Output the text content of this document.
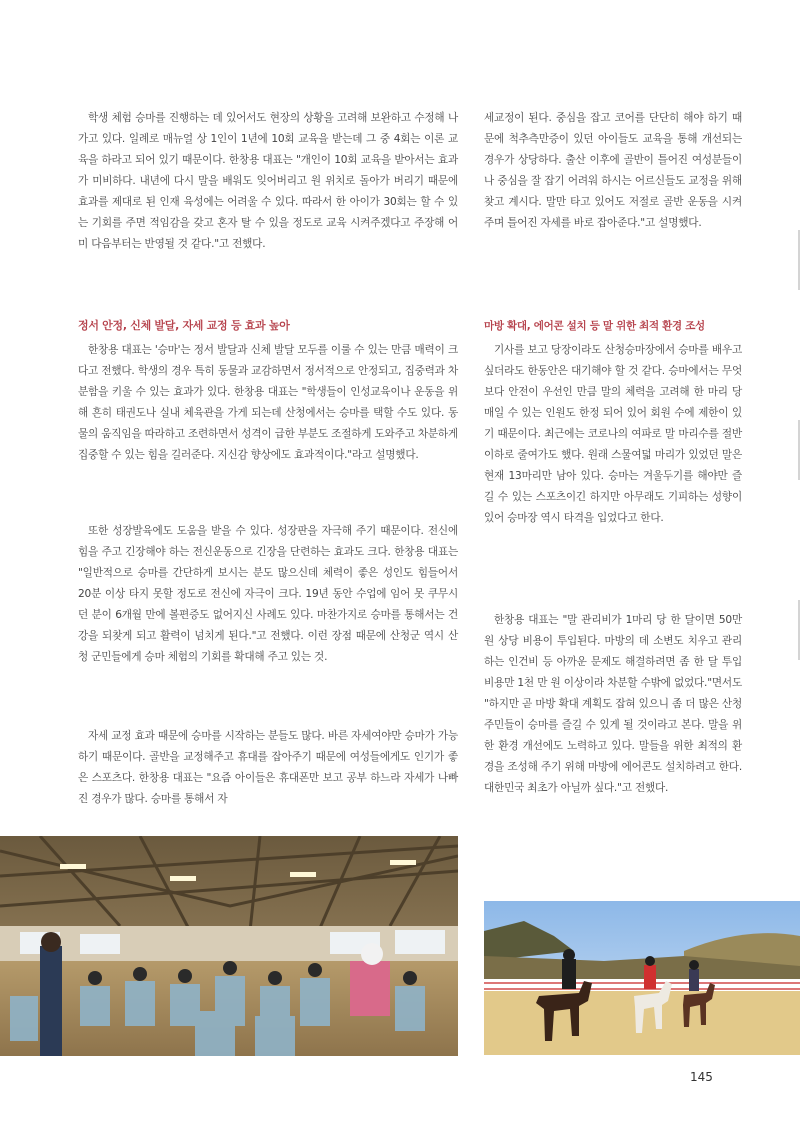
학생 체험 승마를 진행하는 데 있어서도 현장의 상황을 고려해 보완하고 수정해 나가고 있다. 일례로 매뉴얼 상 1인이 1년에 10회 교육을 받는데 그 중 4회는 이론 교육을 하라고 되어 있기 때문이다. 한창용 대표는 "개인이 10회 교육을 받아서는 효과가 미비하다. 내년에 다시 말을 배워도 잊어버리고 원 위치로 돌아가 버리기 때문에 효과를 제대로 된 인재 육성에는 어려울 수 있다. 따라서 한 아이가 30회는 할 수 있는 기회를 주면 적임감을 갖고 혼자 탈 수 있을 정도로 교육 시켜주겠다고 주장해 어미 다음부터는 반영될 것 같다."고 전했다.

정서 안정, 신체 발달, 자세 교정 등 효과 높아

한창용 대표는 '승마'는 정서 발달과 신체 발달 모두를 이룰 수 있는 만큼 매력이 크다고 전했다. 학생의 경우 특히 동물과 교감하면서 정서적으로 안정되고, 집중력과 차분함을 키울 수 있는 효과가 있다. 한창용 대표는 "학생들이 인성교육이나 운동을 위해 흔히 태권도나 실내 체육관을 가게 되는데 산청에서는 승마를 택할 수도 있다. 동물의 움직임을 따라하고 조련하면서 성격이 급한 부분도 조절하게 도와주고 차분하게 집중할 수 있는 힘을 길러준다. 지신감 향상에도 효과적이다."라고 설명했다.

또한 성장발육에도 도움을 받을 수 있다. 성장판을 자극해 주기 때문이다. 전신에 힘을 주고 긴장해야 하는 전신운동으로 긴장을 단련하는 효과도 크다. 한창용 대표는 "일반적으로 승마를 간단하게 보시는 분도 많으신데 체력이 좋은 성인도 힘들어서 20분 이상 타지 못할 정도로 전신에 자극이 크다. 19년 동안 수업에 임어 못 쿠무시던 분이 6개월 만에 볼편증도 없어지신 사례도 있다. 마찬가지로 승마를 통해서는 건강을 되찾게 되고 활력이 넘치게 된다."고 전했다. 이런 장점 때문에 산청군 역시 산청 군민들에게 승마 체험의 기회를 확대해 주고 있는 것.

자세 교정 효과 때문에 승마를 시작하는 분들도 많다. 바른 자세여야만 승마가 가능하기 때문이다. 골반을 교정해주고 휴대를 잡아주기 때문에 여성들에게도 인기가 좋은 스포츠다. 한창용 대표는 "요즘 아이들은 휴대폰만 보고 공부 하느라 자세가 나빠진 경우가 많다. 승마를 통해서 자

세교정이 된다. 중심을 잡고 코어를 단단히 해야 하기 때문에 척추측만증이 있던 아이들도 교육을 통해 개선되는 경우가 상당하다. 출산 이후에 골반이 틀어진 여성분들이나 중심을 잘 잡기 어려워 하시는 어르신들도 교정을 위해 찾고 계시다. 말만 타고 있어도 저절로 골반 운동을 시켜주며 틀어진 자세를 바로 잡아준다."고 설명했다.

마방 확대, 에어콘 설치 등 말 위한 최적 환경 조성

기사를 보고 당장이라도 산청승마장에서 승마를 배우고 싶더라도 한동안은 대기해야 할 것 같다. 승마에서는 무엇보다 안전이 우선인 만큼 말의 체력을 고려해 한 마리 당 매일 수 있는 인원도 한정 되어 있어 회원 수에 제한이 있기 때문이다. 최근에는 코로나의 여파로 말 마리수를 절반 이하로 줄여가도 했다. 원래 스물여덟 마리가 있었던 말은 현재 13마리만 남아 있다. 승마는 겨울두기를 해야만 즐길 수 있는 스포츠이긴 하지만 아무래도 기피하는 성향이 있어 승마장 역시 타격을 입었다고 한다.

한창용 대표는 "말 관리비가 1마리 당 한 달이면 50만원 상당 비용이 투입된다. 마방의 데 소변도 치우고 관리하는 인건비 등 아까운 문제도 해결하려면 좀 한 달 투입비용만 1천 만 원 이상이라 차분할 수밖에 없었다."면서도 "하지만 곧 마방 확대 계획도 잡혀 있으니 좀 더 많은 산청 주민들이 승마를 즐길 수 있게 될 것이라고 본다. 말을 위한 환경 개선에도 노력하고 있다. 말들을 위한 최적의 환경을 조성해 주기 위해 마방에 에어콘도 설치하려고 한다. 대한민국 최초가 아닐까 싶다."고 전했다.

145
